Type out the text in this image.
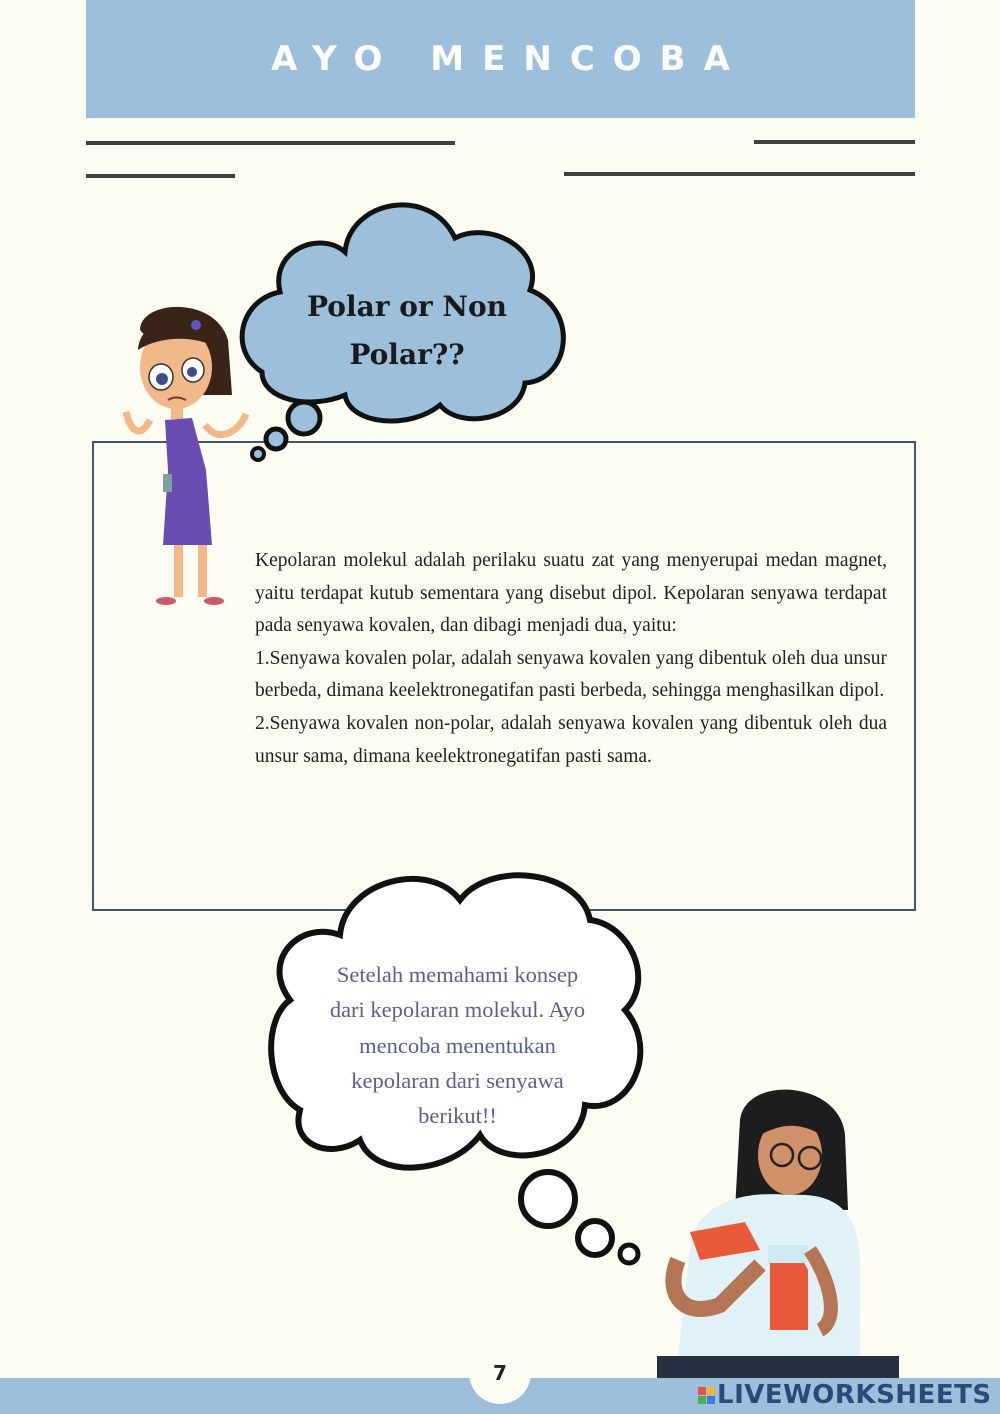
AYO MENCOBA

Kepolaran molekul adalah perilaku suatu zat yang menyerupai medan magnet, yaitu terdapat kutub sementara yang disebut dipol. Kepolaran senyawa terdapat pada senyawa kovalen, dan dibagi menjadi dua, yaitu:

1.Senyawa kovalen polar, adalah senyawa kovalen yang dibentuk oleh dua unsur berbeda, dimana keelektronegatifan pasti berbeda, sehingga menghasilkan dipol.

2.Senyawa kovalen non-polar, adalah senyawa kovalen yang dibentuk oleh dua unsur sama, dimana keelektronegatifan pasti sama.

Polar or Non
Polar??
Setelah memahami konsep
dari kepolaran molekul. Ayo
mencoba menentukan
kepolaran dari senyawa
berikut!!
7
LIVEWORKSHEETS
